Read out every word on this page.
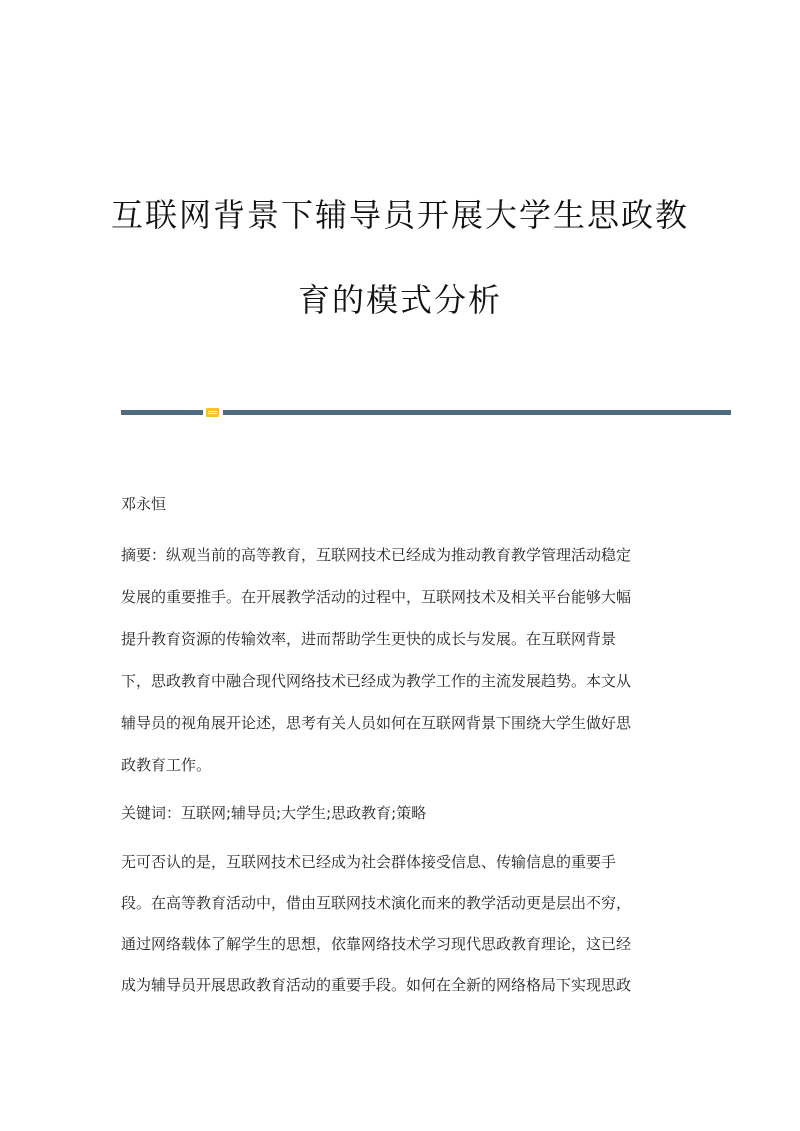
互联网背景下辅导员开展大学生思政教
育的模式分析
邓永恒
摘要：纵观当前的高等教育，互联网技术已经成为推动教育教学管理活动稳定
发展的重要推手。在开展教学活动的过程中，互联网技术及相关平台能够大幅
提升教育资源的传输效率，进而帮助学生更快的成长与发展。在互联网背景
下，思政教育中融合现代网络技术已经成为教学工作的主流发展趋势。本文从
辅导员的视角展开论述，思考有关人员如何在互联网背景下围绕大学生做好思
政教育工作。
关键词：互联网;辅导员;大学生;思政教育;策略
无可否认的是，互联网技术已经成为社会群体接受信息、传输信息的重要手
段。在高等教育活动中，借由互联网技术演化而来的教学活动更是层出不穷，
通过网络载体了解学生的思想，依靠网络技术学习现代思政教育理论，这已经
成为辅导员开展思政教育活动的重要手段。如何在全新的网络格局下实现思政
